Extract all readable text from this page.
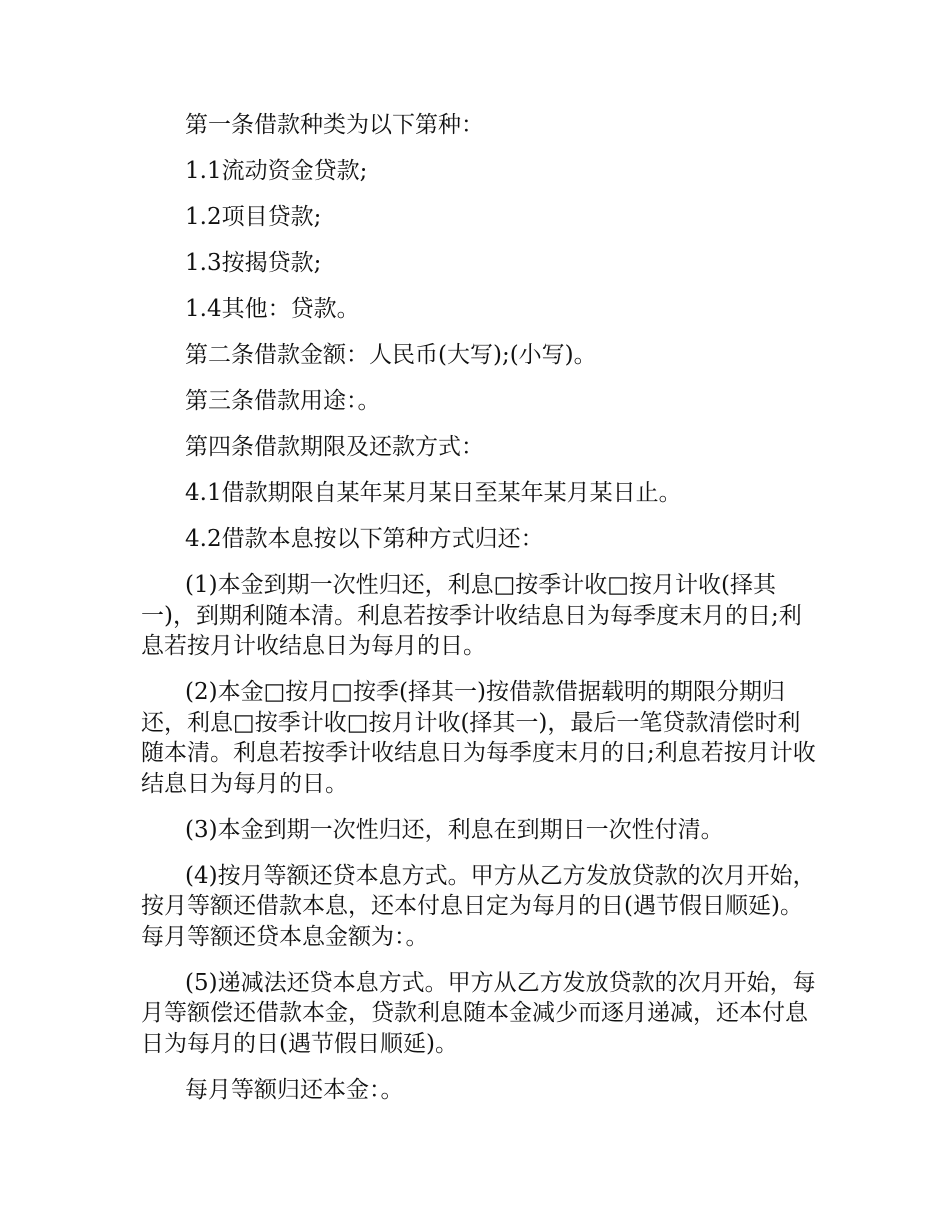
第一条借款种类为以下第种：

1.1流动资金贷款;

1.2项目贷款;

1.3按揭贷款;

1.4其他：贷款。

第二条借款金额：人民币(大写);(小写)。

第三条借款用途：。

第四条借款期限及还款方式：

4.1借款期限自某年某月某日至某年某月某日止。

4.2借款本息按以下第种方式归还：

(1)本金到期一次性归还，利息□按季计收□按月计收(择其一)，到期利随本清。利息若按季计收结息日为每季度末月的日;利息若按月计收结息日为每月的日。

(2)本金□按月□按季(择其一)按借款借据载明的期限分期归还，利息□按季计收□按月计收(择其一)，最后一笔贷款清偿时利随本清。利息若按季计收结息日为每季度末月的日;利息若按月计收结息日为每月的日。

(3)本金到期一次性归还，利息在到期日一次性付清。

(4)按月等额还贷本息方式。甲方从乙方发放贷款的次月开始，按月等额还借款本息，还本付息日定为每月的日(遇节假日顺延)。每月等额还贷本息金额为：。

(5)递减法还贷本息方式。甲方从乙方发放贷款的次月开始，每月等额偿还借款本金，贷款利息随本金减少而逐月递减，还本付息日为每月的日(遇节假日顺延)。

每月等额归还本金：。
